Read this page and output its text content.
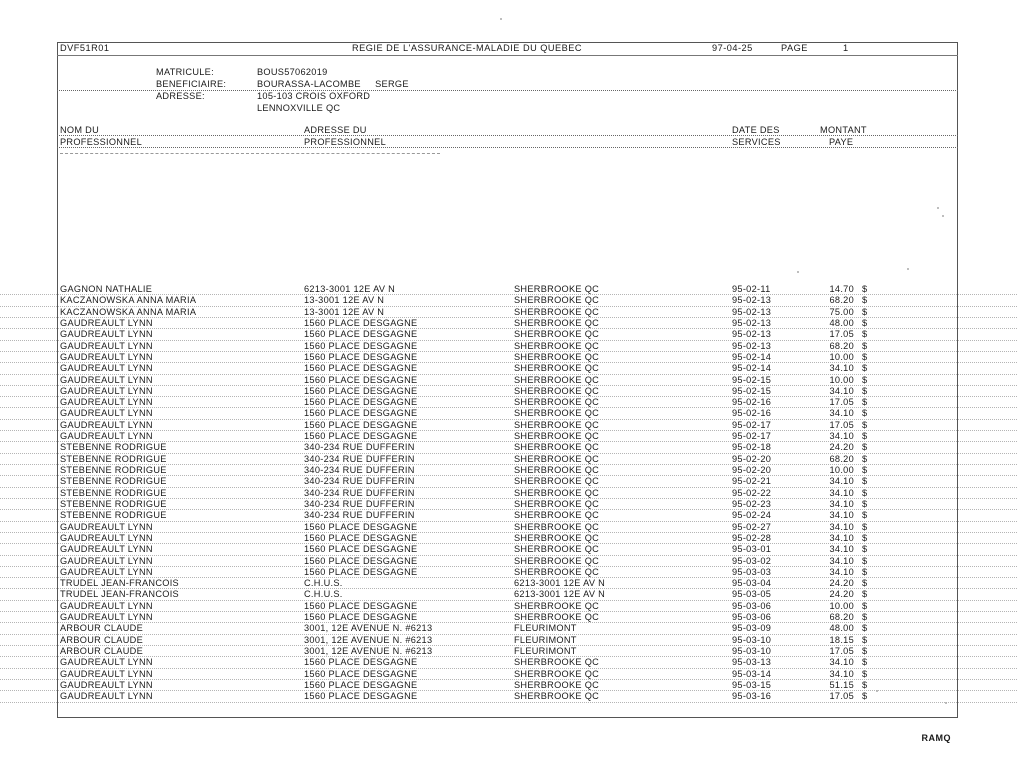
DVF51R01	REGIE DE L'ASSURANCE-MALADIE DU QUEBEC	97-04-25	PAGE	1
MATRICULE:	BOUS57062019
BENEFICIAIRE:	BOURASSA-LACOMBE     SERGE
ADRESSE:	105-103 CROIS OXFORD
LENNOXVILLE QC
NOM DU	ADRESSE DU	DATE DES	MONTANT
PROFESSIONNEL	PROFESSIONNEL	SERVICES	PAYE
GAGNON NATHALIE	6213-3001 12E AV N	SHERBROOKE QC	95-02-11	14.70 $
KACZANOWSKA ANNA MARIA	13-3001 12E AV N	SHERBROOKE QC	95-02-13	68.20 $
KACZANOWSKA ANNA MARIA	13-3001 12E AV N	SHERBROOKE QC	95-02-13	75.00 $
GAUDREAULT LYNN	1560 PLACE DESGAGNE	SHERBROOKE QC	95-02-13	48.00 $
GAUDREAULT LYNN	1560 PLACE DESGAGNE	SHERBROOKE QC	95-02-13	17.05 $
GAUDREAULT LYNN	1560 PLACE DESGAGNE	SHERBROOKE QC	95-02-13	68.20 $
GAUDREAULT LYNN	1560 PLACE DESGAGNE	SHERBROOKE QC	95-02-14	10.00 $
GAUDREAULT LYNN	1560 PLACE DESGAGNE	SHERBROOKE QC	95-02-14	34.10 $
GAUDREAULT LYNN	1560 PLACE DESGAGNE	SHERBROOKE QC	95-02-15	10.00 $
GAUDREAULT LYNN	1560 PLACE DESGAGNE	SHERBROOKE QC	95-02-15	34.10 $
GAUDREAULT LYNN	1560 PLACE DESGAGNE	SHERBROOKE QC	95-02-16	17.05 $
GAUDREAULT LYNN	1560 PLACE DESGAGNE	SHERBROOKE QC	95-02-16	34.10 $
GAUDREAULT LYNN	1560 PLACE DESGAGNE	SHERBROOKE QC	95-02-17	17.05 $
GAUDREAULT LYNN	1560 PLACE DESGAGNE	SHERBROOKE QC	95-02-17	34.10 $
STEBENNE RODRIGUE	340-234 RUE DUFFERIN	SHERBROOKE QC	95-02-18	24.20 $
STEBENNE RODRIGUE	340-234 RUE DUFFERIN	SHERBROOKE QC	95-02-20	68.20 $
STEBENNE RODRIGUE	340-234 RUE DUFFERIN	SHERBROOKE QC	95-02-20	10.00 $
STEBENNE RODRIGUE	340-234 RUE DUFFERIN	SHERBROOKE QC	95-02-21	34.10 $
STEBENNE RODRIGUE	340-234 RUE DUFFERIN	SHERBROOKE QC	95-02-22	34.10 $
STEBENNE RODRIGUE	340-234 RUE DUFFERIN	SHERBROOKE QC	95-02-23	34.10 $
STEBENNE RODRIGUE	340-234 RUE DUFFERIN	SHERBROOKE QC	95-02-24	34.10 $
GAUDREAULT LYNN	1560 PLACE DESGAGNE	SHERBROOKE QC	95-02-27	34.10 $
GAUDREAULT LYNN	1560 PLACE DESGAGNE	SHERBROOKE QC	95-02-28	34.10 $
GAUDREAULT LYNN	1560 PLACE DESGAGNE	SHERBROOKE QC	95-03-01	34.10 $
GAUDREAULT LYNN	1560 PLACE DESGAGNE	SHERBROOKE QC	95-03-02	34.10 $
GAUDREAULT LYNN	1560 PLACE DESGAGNE	SHERBROOKE QC	95-03-03	34.10 $
TRUDEL JEAN-FRANCOIS	C.H.U.S.	6213-3001 12E AV N	95-03-04	24.20 $
TRUDEL JEAN-FRANCOIS	C.H.U.S.	6213-3001 12E AV N	95-03-05	24.20 $
GAUDREAULT LYNN	1560 PLACE DESGAGNE	SHERBROOKE QC	95-03-06	10.00 $
GAUDREAULT LYNN	1560 PLACE DESGAGNE	SHERBROOKE QC	95-03-06	68.20 $
ARBOUR CLAUDE	3001, 12E AVENUE N. #6213	FLEURIMONT	95-03-09	48.00 $
ARBOUR CLAUDE	3001, 12E AVENUE N. #6213	FLEURIMONT	95-03-10	18.15 $
ARBOUR CLAUDE	3001, 12E AVENUE N. #6213	FLEURIMONT	95-03-10	17.05 $
GAUDREAULT LYNN	1560 PLACE DESGAGNE	SHERBROOKE QC	95-03-13	34.10 $
GAUDREAULT LYNN	1560 PLACE DESGAGNE	SHERBROOKE QC	95-03-14	34.10 $
GAUDREAULT LYNN	1560 PLACE DESGAGNE	SHERBROOKE QC	95-03-15	51.15 $
GAUDREAULT LYNN	1560 PLACE DESGAGNE	SHERBROOKE QC	95-03-16	17.05 $
RAMQ
